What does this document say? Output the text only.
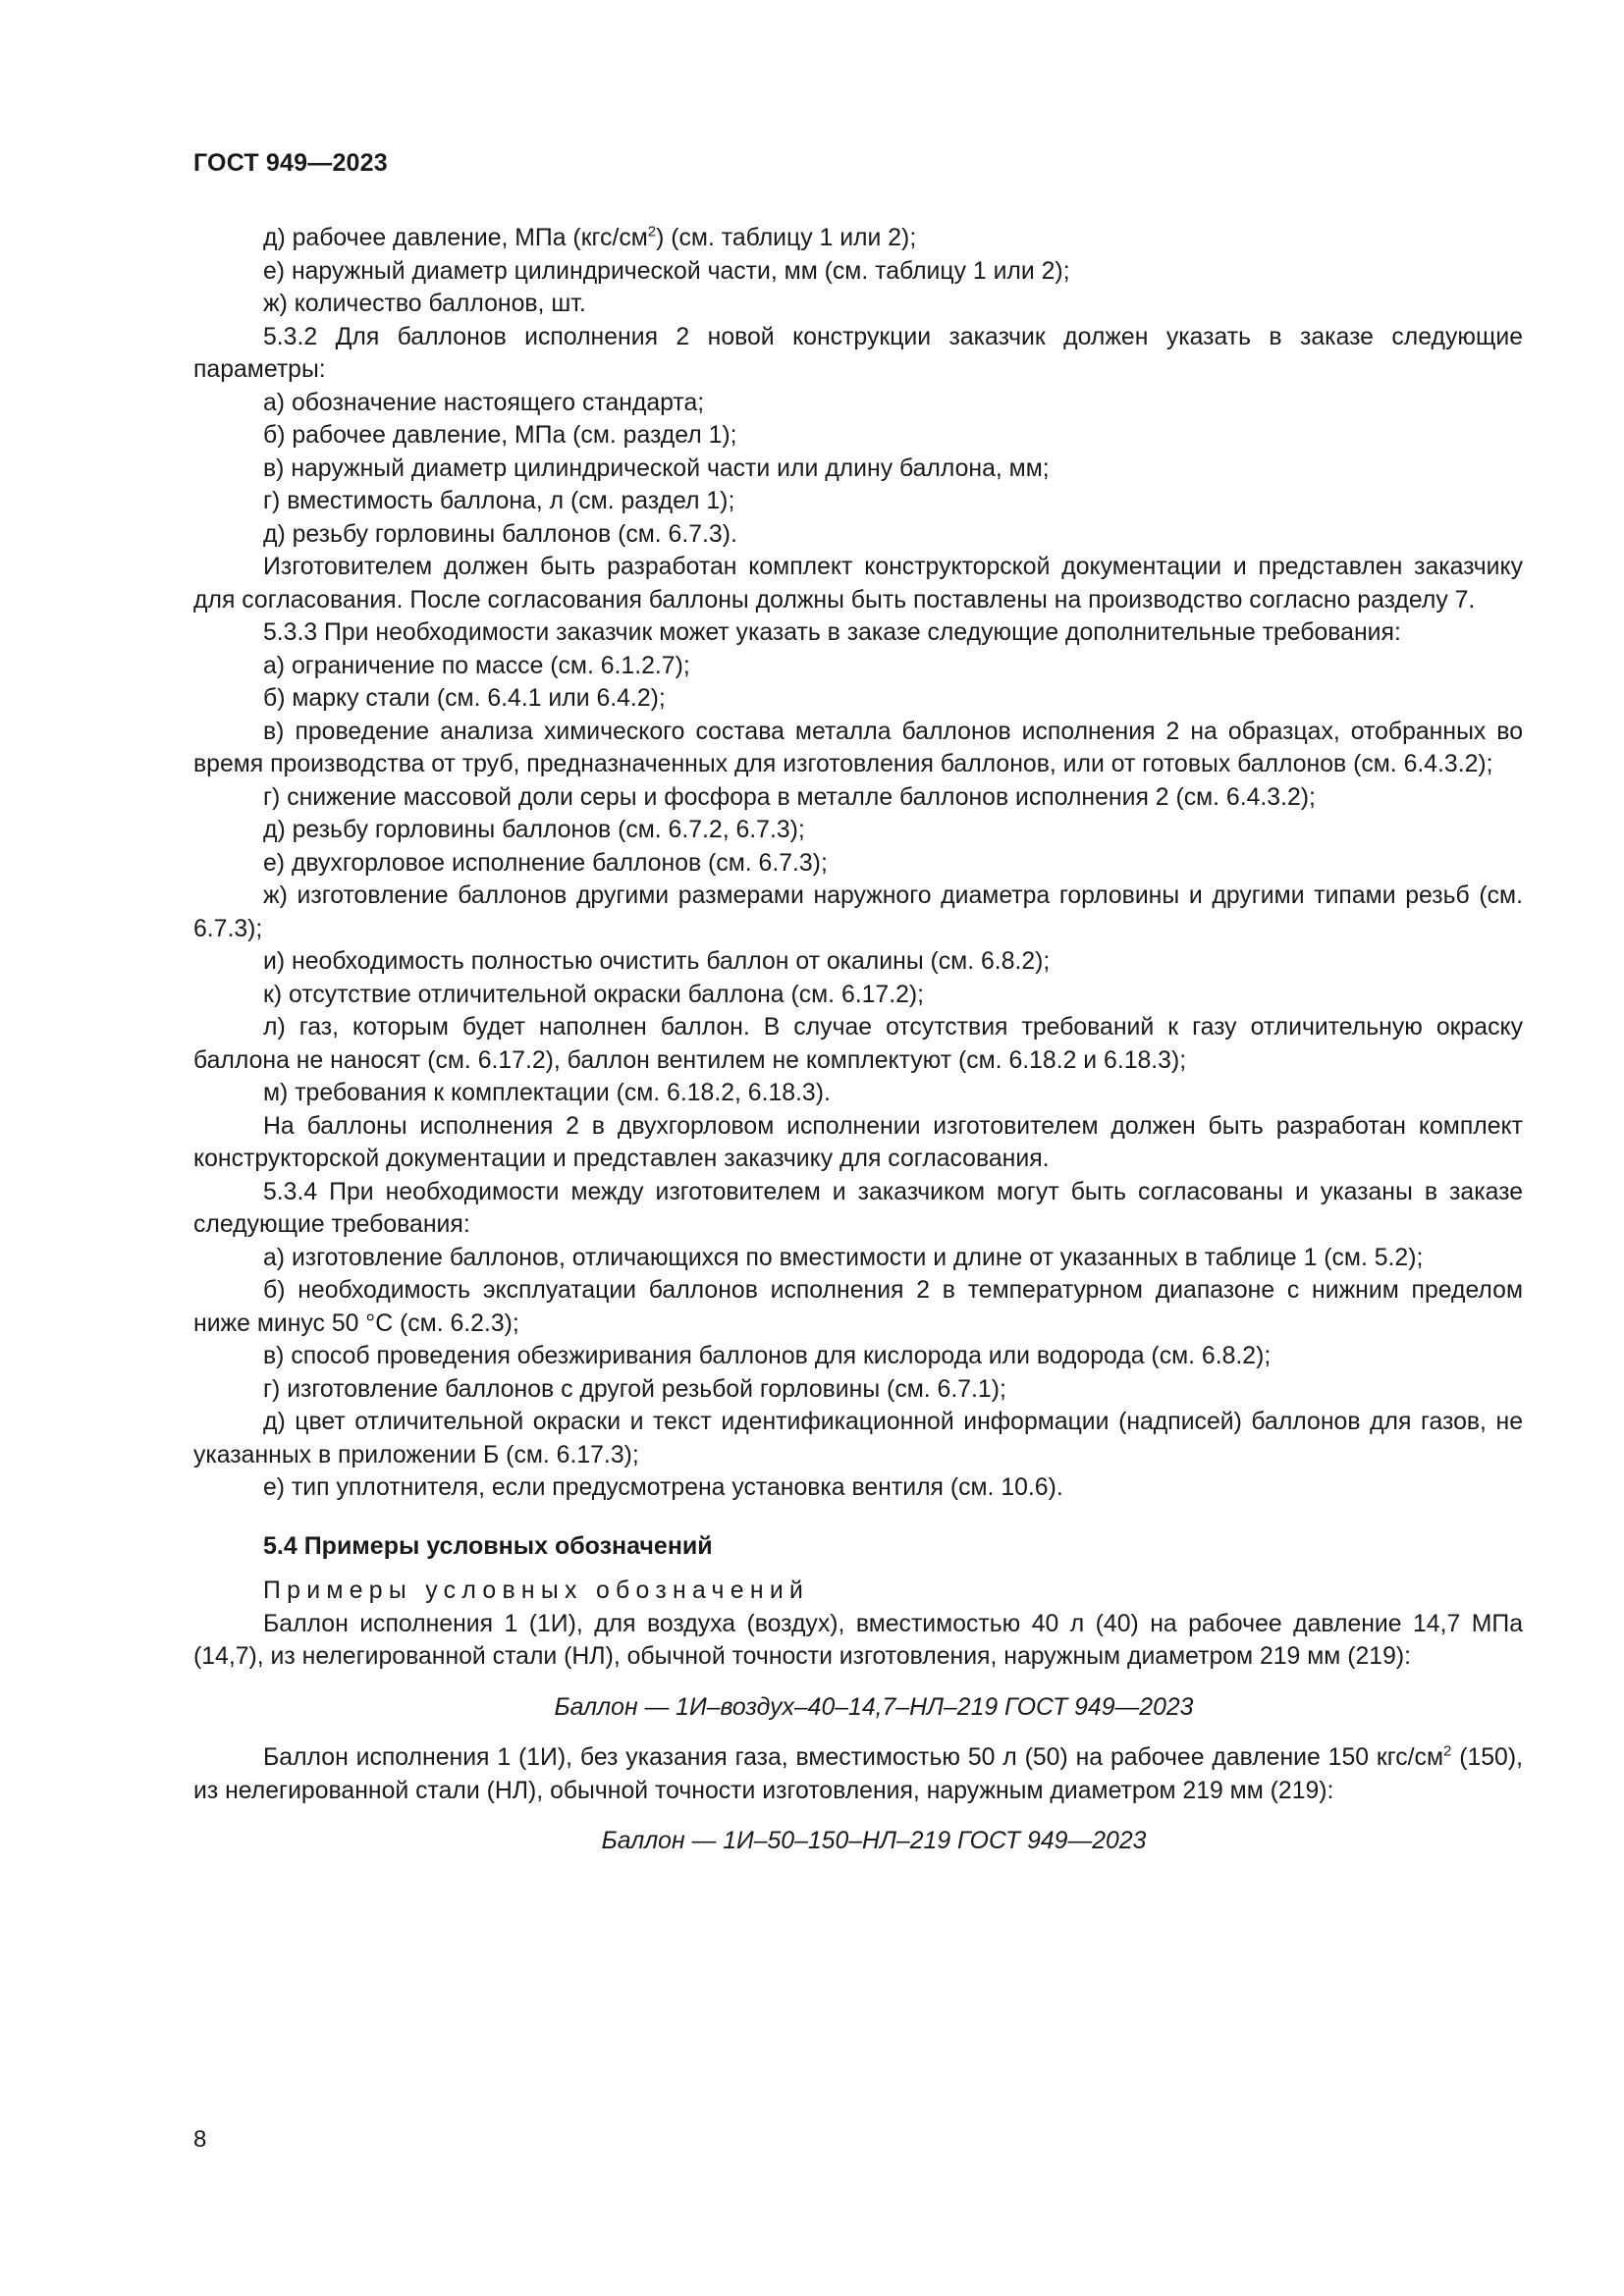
ГОСТ 949—2023

д) рабочее давление, МПа $(кгс/см^2)$ (см. таблицу 1 или 2);

е) наружный диаметр цилиндрической части, мм (см. таблицу 1 или 2);

ж) количество баллонов, шт.

5.3.2 Для баллонов исполнения 2 новой конструкции заказчик должен указать в заказе следующие параметры:

а) обозначение настоящего стандарта;

б) рабочее давление, МПа (см. раздел 1);

в) наружный диаметр цилиндрической части или длину баллона, мм;

г) вместимость баллона, л (см. раздел 1);

д) резьбу горловины баллонов (см. 6.7.3).

Изготовителем должен быть разработан комплект конструкторской документации и представлен заказчику для согласования. После согласования баллоны должны быть поставлены на производство согласно разделу 7.

5.3.3 При необходимости заказчик может указать в заказе следующие дополнительные требования:

а) ограничение по массе (см. 6.1.2.7);

б) марку стали (см. 6.4.1 или 6.4.2);

в) проведение анализа химического состава металла баллонов исполнения 2 на образцах, отобранных во время производства от труб, предназначенных для изготовления баллонов, или от готовых баллонов (см. 6.4.3.2);

г) снижение массовой доли серы и фосфора в металле баллонов исполнения 2 (см. 6.4.3.2);

д) резьбу горловины баллонов (см. 6.7.2, 6.7.3);

е) двухгорловое исполнение баллонов (см. 6.7.3);

ж) изготовление баллонов другими размерами наружного диаметра горловины и другими типами резьб (см. 6.7.3);

и) необходимость полностью очистить баллон от окалины (см. 6.8.2);

к) отсутствие отличительной окраски баллона (см. 6.17.2);

л) газ, которым будет наполнен баллон. В случае отсутствия требований к газу отличительную окраску баллона не наносят (см. 6.17.2), баллон вентилем не комплектуют (см. 6.18.2 и 6.18.3);

м) требования к комплектации (см. 6.18.2, 6.18.3).

На баллоны исполнения 2 в двухгорловом исполнении изготовителем должен быть разработан комплект конструкторской документации и представлен заказчику для согласования.

5.3.4 При необходимости между изготовителем и заказчиком могут быть согласованы и указаны в заказе следующие требования:

а) изготовление баллонов, отличающихся по вместимости и длине от указанных в таблице 1 (см. 5.2);

б) необходимость эксплуатации баллонов исполнения 2 в температурном диапазоне с нижним пределом ниже минус 50 °С (см. 6.2.3);

в) способ проведения обезжиривания баллонов для кислорода или водорода (см. 6.8.2);

г) изготовление баллонов с другой резьбой горловины (см. 6.7.1);

д) цвет отличительной окраски и текст идентификационной информации (надписей) баллонов для газов, не указанных в приложении Б (см. 6.17.3);

е) тип уплотнителя, если предусмотрена установка вентиля (см. 10.6).

5.4 Примеры условных обозначений

Примеры условных обозначений

Баллон исполнения 1 (1И), для воздуха (воздух), вместимостью 40 л (40) на рабочее давление 14,7 МПа (14,7), из нелегированной стали (НЛ), обычной точности изготовления, наружным диаметром 219 мм (219):

Баллон — 1И–воздух–40–14,7–НЛ–219 ГОСТ 949—2023

Баллон исполнения 1 (1И), без указания газа, вместимостью 50 л (50) на рабочее давление 150 кгс/$см^2$ (150), из нелегированной стали (НЛ), обычной точности изготовления, наружным диаметром 219 мм (219):

Баллон — 1И–50–150–НЛ–219 ГОСТ 949—2023

8
